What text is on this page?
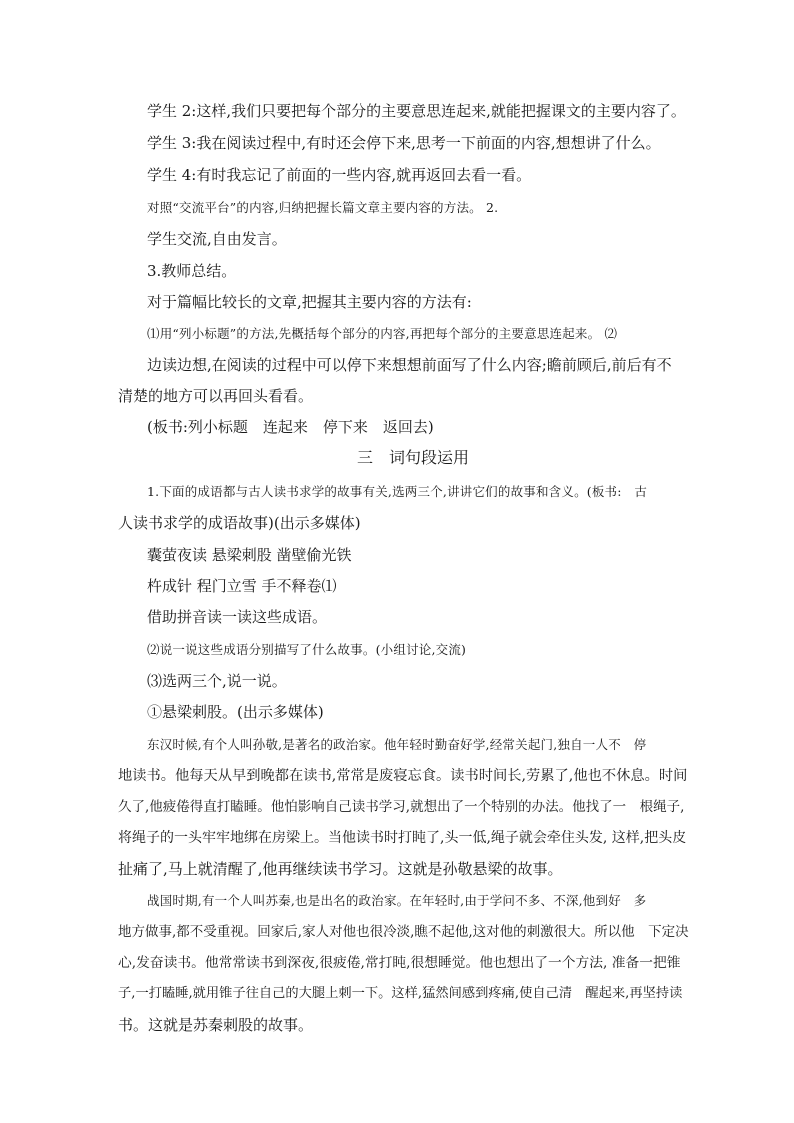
学生 2:这样,我们只要把每个部分的主要意思连起来,就能把握课文的主要内容了。
学生 3:我在阅读过程中,有时还会停下来,思考一下前面的内容,想想讲了什么。
学生 4:有时我忘记了前面的一些内容,就再返回去看一看。
对照“交流平台”的内容,归纳把握长篇文章主要内容的方法。 2.
学生交流,自由发言。
3.教师总结。
对于篇幅比较长的文章,把握其主要内容的方法有:
⑴用“列小标题”的方法,先概括每个部分的内容,再把每个部分的主要意思连起来。 ⑵
边读边想,在阅读的过程中可以停下来想想前面写了什么内容;瞻前顾后,前后有不
清楚的地方可以再回头看看。
(板书:列小标题　连起来　停下来　返回去)
三　词句段运用
1.下面的成语都与古人读书求学的故事有关,选两三个,讲讲它们的故事和含义。(板书:　古
人读书求学的成语故事)(出示多媒体)
囊萤夜读 悬梁刺股 凿壁偷光铁
杵成针 程门立雪 手不释卷⑴
借助拼音读一读这些成语。
⑵说一说这些成语分别描写了什么故事。(小组讨论,交流)
⑶选两三个,说一说。
①悬梁刺股。(出示多媒体)
东汉时候,有个人叫孙敬,是著名的政治家。他年轻时勤奋好学,经常关起门,独自一人不　停
地读书。他每天从早到晚都在读书,常常是废寝忘食。读书时间长,劳累了,他也不休息。时间
久了,他疲倦得直打瞌睡。他怕影响自己读书学习,就想出了一个特别的办法。他找了一　根绳子,
将绳子的一头牢牢地绑在房梁上。当他读书时打盹了,头一低,绳子就会牵住头发, 这样,把头皮
扯痛了,马上就清醒了,他再继续读书学习。这就是孙敬悬梁的故事。
战国时期,有一个人叫苏秦,也是出名的政治家。在年轻时,由于学问不多、不深,他到好　多
地方做事,都不受重视。回家后,家人对他也很冷淡,瞧不起他,这对他的刺激很大。所以他　下定决
心,发奋读书。他常常读书到深夜,很疲倦,常打盹,很想睡觉。他也想出了一个方法, 准备一把锥
子,一打瞌睡,就用锥子往自己的大腿上刺一下。这样,猛然间感到疼痛,使自己清　醒起来,再坚持读
书。这就是苏秦刺股的故事。
